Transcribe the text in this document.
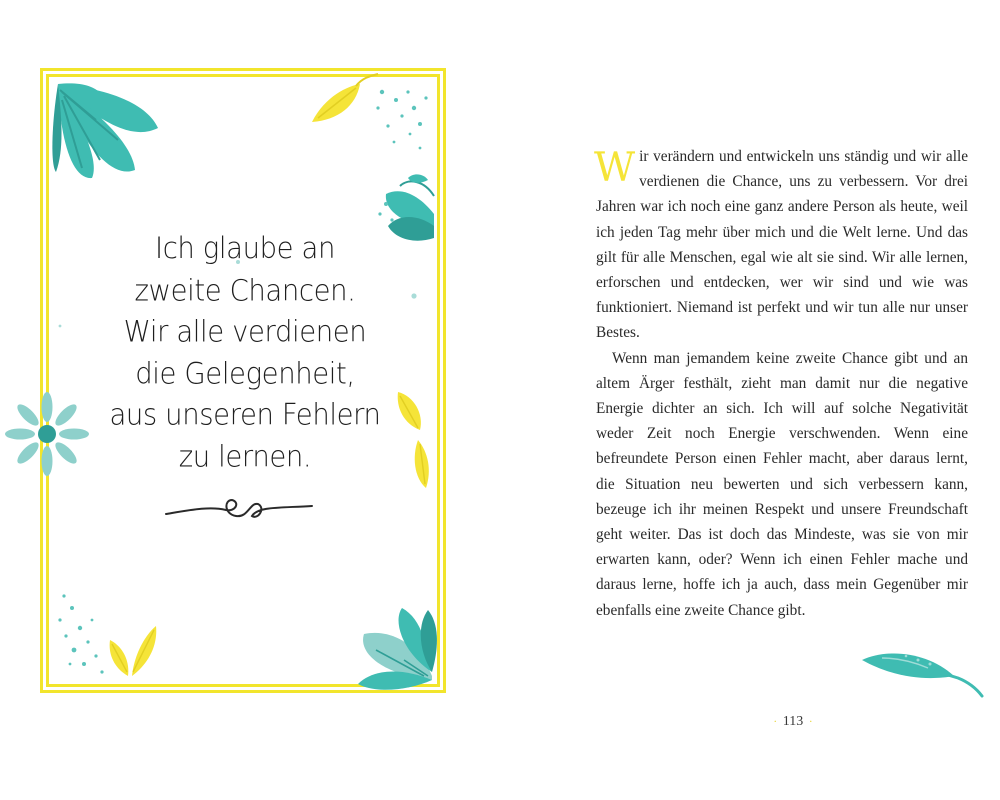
Ich glaube an
zweite Chancen.
Wir alle verdienen
die Gelegenheit,
aus unseren Fehlern
zu lernen.

Wir verändern und entwickeln uns ständig und wir alle verdienen die Chance, uns zu verbessern. Vor drei Jahren war ich noch eine ganz andere Person als heute, weil ich jeden Tag mehr über mich und die Welt lerne. Und das gilt für alle Menschen, egal wie alt sie sind. Wir alle lernen, erforschen und entdecken, wer wir sind und wie was funktioniert. Niemand ist perfekt und wir tun alle nur unser Bestes.

Wenn man jemandem keine zweite Chance gibt und an altem Ärger festhält, zieht man damit nur die negative Energie dichter an sich. Ich will auf solche Negativität weder Zeit noch Energie verschwenden. Wenn eine befreundete Person einen Fehler macht, aber daraus lernt, die Situation neu bewerten und sich verbessern kann, bezeuge ich ihr meinen Respekt und unsere Freundschaft geht weiter. Das ist doch das Mindeste, was sie von mir erwarten kann, oder? Wenn ich einen Fehler mache und daraus lerne, hoffe ich ja auch, dass mein Gegenüber mir ebenfalls eine zweite Chance gibt.

· 113 ·
